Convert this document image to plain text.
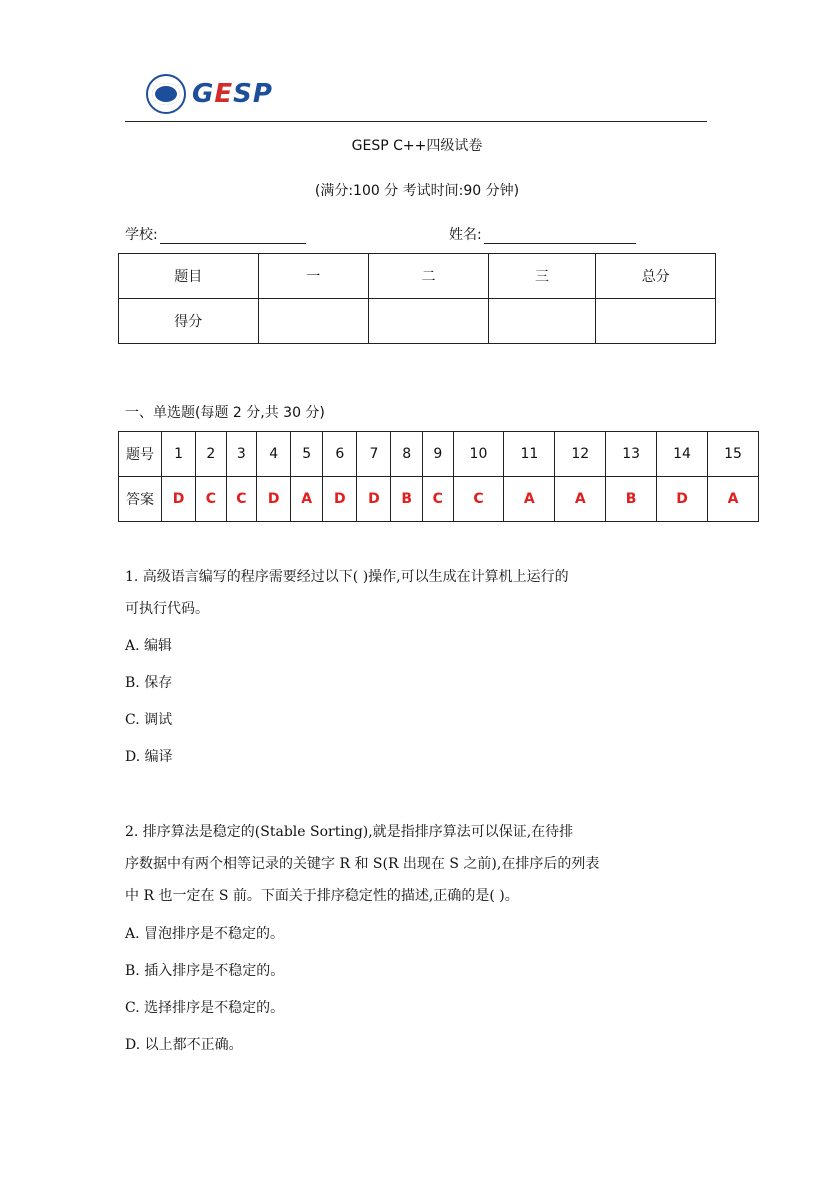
GESP
GESP C++四级试卷
(满分:100 分 考试时间:90 分钟)
学校:	姓名:
题目	一	二	三	总分
得分				
一、单选题(每题 2 分,共 30 分)
题号	1	2	3	4	5	6	7	8	9	10	11	12	13	14	15
答案	D	C	C	D	A	D	D	B	C	C	A	A	B	D	A
1. 高级语言编写的程序需要经过以下( )操作,可以生成在计算机上运行的
可执行代码。
A. 编辑
B. 保存
C. 调试
D. 编译
2. 排序算法是稳定的(Stable Sorting),就是指排序算法可以保证,在待排
序数据中有两个相等记录的关键字 R 和 S(R 出现在 S 之前),在排序后的列表
中 R 也一定在 S 前。下面关于排序稳定性的描述,正确的是( )。
A. 冒泡排序是不稳定的。
B. 插入排序是不稳定的。
C. 选择排序是不稳定的。
D. 以上都不正确。
